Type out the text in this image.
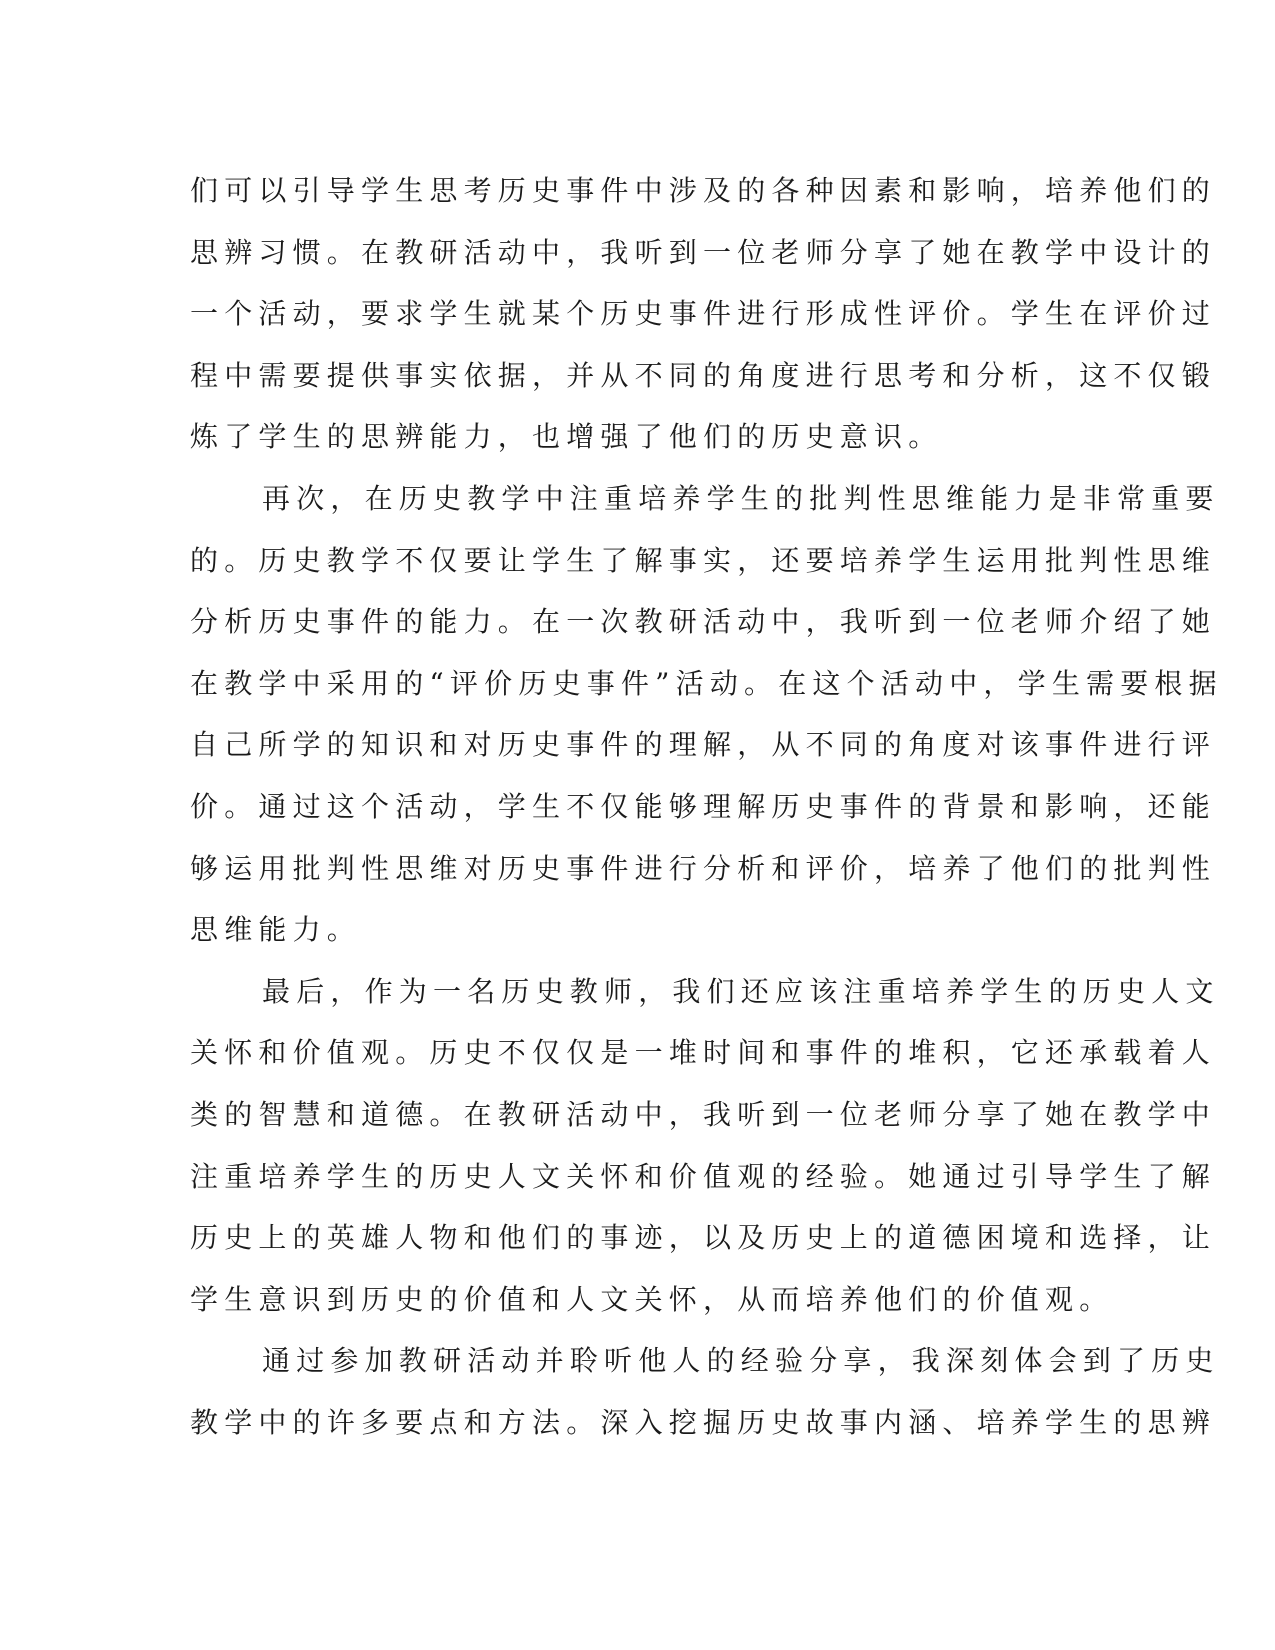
们可以引导学生思考历史事件中涉及的各种因素和影响，培养他们的
思辨习惯。在教研活动中，我听到一位老师分享了她在教学中设计的
一个活动，要求学生就某个历史事件进行形成性评价。学生在评价过
程中需要提供事实依据，并从不同的角度进行思考和分析，这不仅锻
炼了学生的思辨能力，也增强了他们的历史意识。
再次，在历史教学中注重培养学生的批判性思维能力是非常重要
的。历史教学不仅要让学生了解事实，还要培养学生运用批判性思维
分析历史事件的能力。在一次教研活动中，我听到一位老师介绍了她
在教学中采用的“评价历史事件”活动。在这个活动中，学生需要根据
自己所学的知识和对历史事件的理解，从不同的角度对该事件进行评
价。通过这个活动，学生不仅能够理解历史事件的背景和影响，还能
够运用批判性思维对历史事件进行分析和评价，培养了他们的批判性
思维能力。
最后，作为一名历史教师，我们还应该注重培养学生的历史人文
关怀和价值观。历史不仅仅是一堆时间和事件的堆积，它还承载着人
类的智慧和道德。在教研活动中，我听到一位老师分享了她在教学中
注重培养学生的历史人文关怀和价值观的经验。她通过引导学生了解
历史上的英雄人物和他们的事迹，以及历史上的道德困境和选择，让
学生意识到历史的价值和人文关怀，从而培养他们的价值观。
通过参加教研活动并聆听他人的经验分享，我深刻体会到了历史
教学中的许多要点和方法。深入挖掘历史故事内涵、培养学生的思辨
